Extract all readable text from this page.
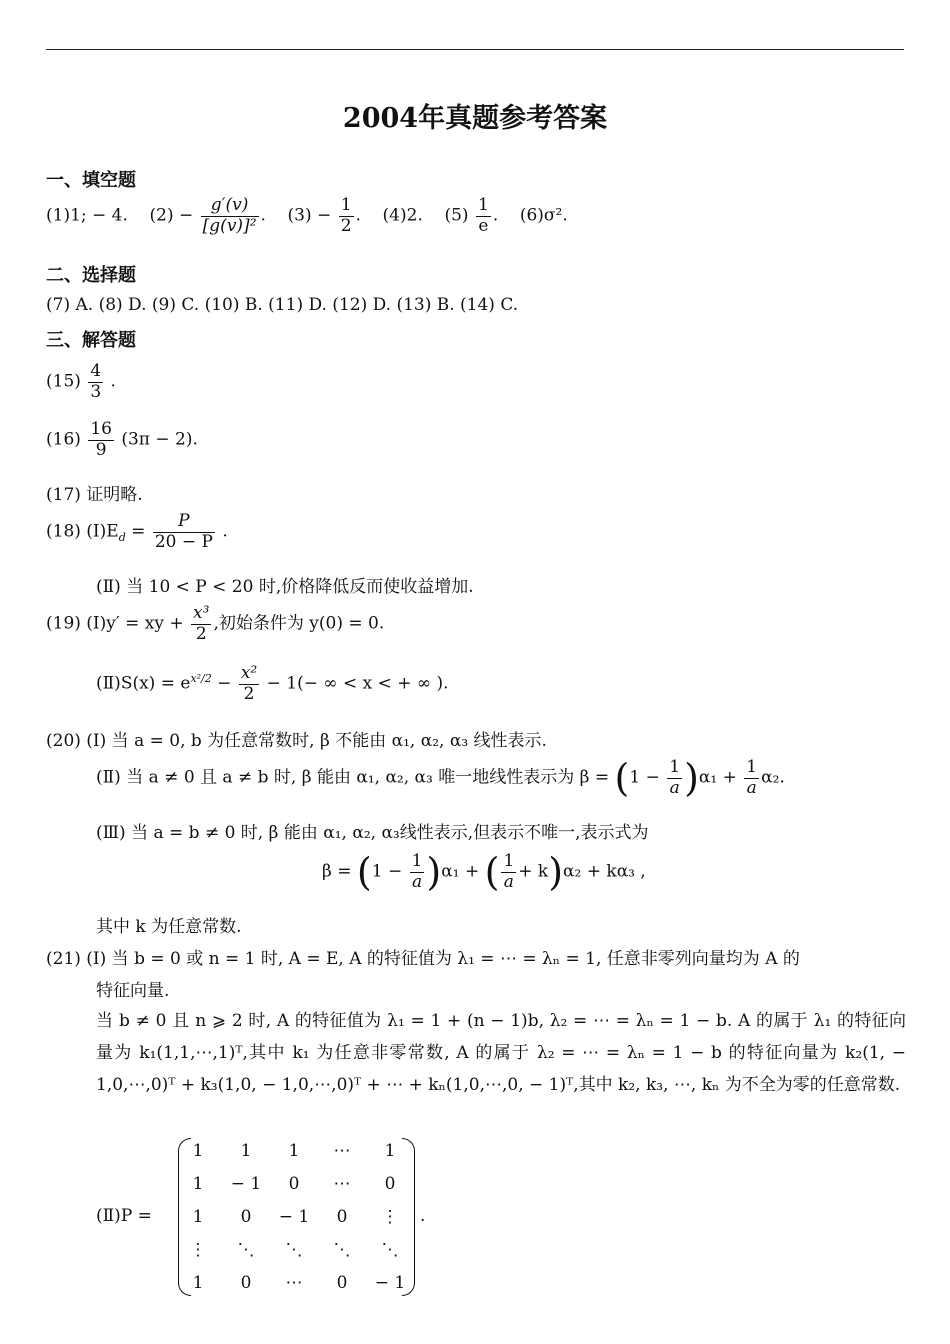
2004年真题参考答案
一、填空题
(1)1; − 4. $(2) - \frac{g'(v)}{\text{[g(v)]²}}$ .    $(3) - \frac{1}{2}$ .    (4)2. $(5) \frac{1}{e}$ .    (6)σ².
二、选择题
(7) A. (8) D. (9) C. (10) B. (11) D. (12) D. (13) B. (14) C.
三、解答题
$(15) \frac{4}{3}$ .
$(16) \frac{16}{9} (3\pi - 2)$.
(17) 证明略.
(18) $(Ⅰ)E_d = \frac{P}{20 - P}$ .
(Ⅱ) 当 10 < P < 20 时,价格降低反而使收益增加.
(19) (Ⅰ)y′ = xy + $\frac{\text{x³}}{2}$ ,初始条件为 y(0) = 0.
(Ⅱ)S(x) = $e^{x^2/2} - \frac{\text{x²}}{2} - 1(-$ ∞ < x < + ∞ ).
(20) (Ⅰ) 当 a = 0, b 为任意常数时, β 不能由 α₁, α₂, α₃ 线性表示.
(Ⅱ) 当 a ≠ 0 且 a ≠ b 时, β 能由 α₁, α₂, α₃ 唯一地线性表示为 $\beta = (1 - \frac{1}{a} )\alpha_1 + \frac{1}{a} \alpha_2$.
(Ⅲ) 当 a = b ≠ 0 时, β 能由 α₁, α₂, α₃线性表示,但表示不唯一,表示式为
$\beta = (1 - \frac{1}{a} )\alpha_1$ + ( $\frac{1}{a} + k)\alpha_2 + k\alpha_3$ ,
其中 k 为任意常数.
(21) (Ⅰ) 当 b = 0 或 n = 1 时, A = E, A 的特征值为 λ₁ = ⋯ = λₙ = 1, 任意非零列向量均为 A 的
特征向量.
当 b ≠ 0 且 n ⩾ 2 时, A 的特征值为 λ₁ = 1 + (n − 1)b, λ₂ = ⋯ = λₙ = 1 − b. A 的属于 λ₁ 的特征向量为 k₁(1,1,⋯,1)ᵀ,其中 k₁ 为任意非零常数, A 的属于 λ₂ = ⋯ = λₙ = 1 − b 的特征向量为 k₂(1, − 1,0,⋯,0)ᵀ + k₃(1,0, − 1,0,⋯,0)ᵀ + ⋯ + kₙ(1,0,⋯,0, − 1)ᵀ,其中 k₂, k₃, ⋯, kₙ 为不全为零的任意常数.
(Ⅱ)P =
1	1	1	⋯	1
1	− 1	0	⋯	0
1	0	− 1	0	⋮
⋮	⋱	⋱	⋱	⋱
1	0	⋯	0	− 1
.
